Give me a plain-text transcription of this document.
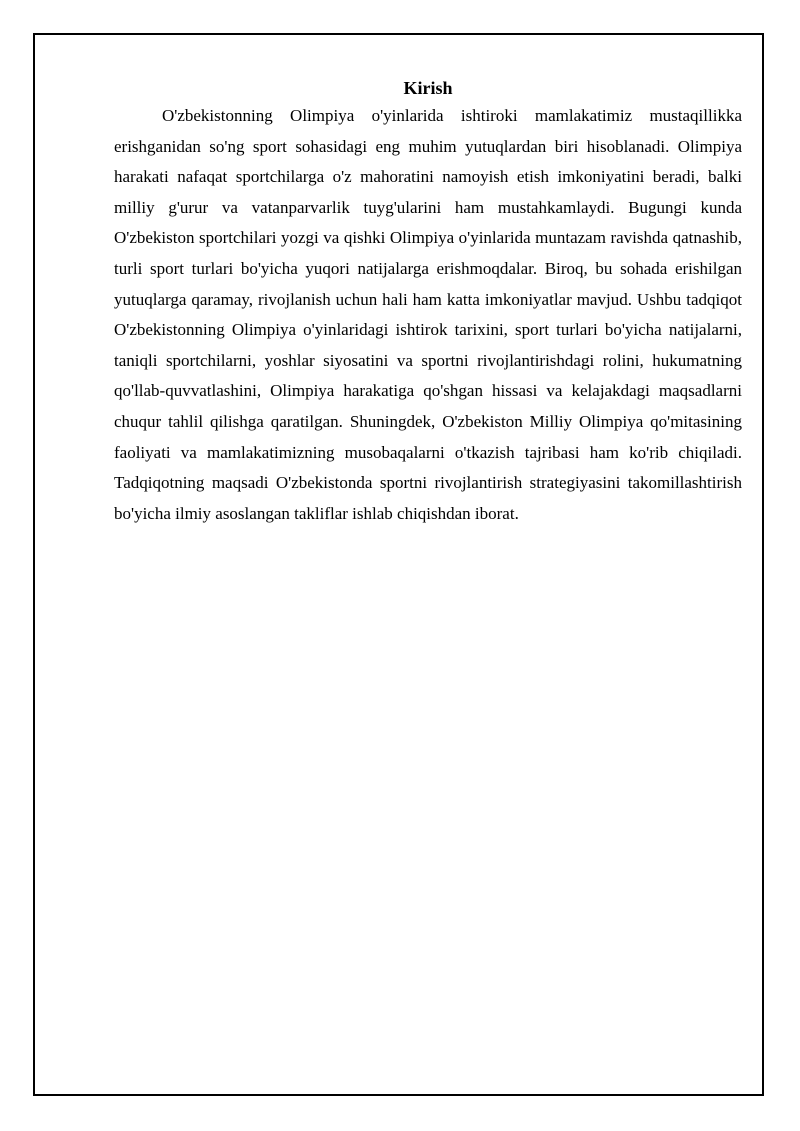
Kirish

O'zbekistonning Olimpiya o'yinlarida ishtiroki mamlakatimiz mustaqillikka erishganidan so'ng sport sohasidagi eng muhim yutuqlardan biri hisoblanadi. Olimpiya harakati nafaqat sportchilarga o'z mahoratini namoyish etish imkoniyatini beradi, balki milliy g'urur va vatanparvarlik tuyg'ularini ham mustahkamlaydi. Bugungi kunda O'zbekiston sportchilari yozgi va qishki Olimpiya o'yinlarida muntazam ravishda qatnashib, turli sport turlari bo'yicha yuqori natijalarga erishmoqdalar. Biroq, bu sohada erishilgan yutuqlarga qaramay, rivojlanish uchun hali ham katta imkoniyatlar mavjud. Ushbu tadqiqot O'zbekistonning Olimpiya o'yinlaridagi ishtirok tarixini, sport turlari bo'yicha natijalarni, taniqli sportchilarni, yoshlar siyosatini va sportni rivojlantirishdagi rolini, hukumatning qo'llab-quvvatlashini, Olimpiya harakatiga qo'shgan hissasi va kelajakdagi maqsadlarni chuqur tahlil qilishga qaratilgan. Shuningdek, O'zbekiston Milliy Olimpiya qo'mitasining faoliyati va mamlakatimizning musobaqalarni o'tkazish tajribasi ham ko'rib chiqiladi. Tadqiqotning maqsadi O'zbekistonda sportni rivojlantirish strategiyasini takomillashtirish bo'yicha ilmiy asoslangan takliflar ishlab chiqishdan iborat.
